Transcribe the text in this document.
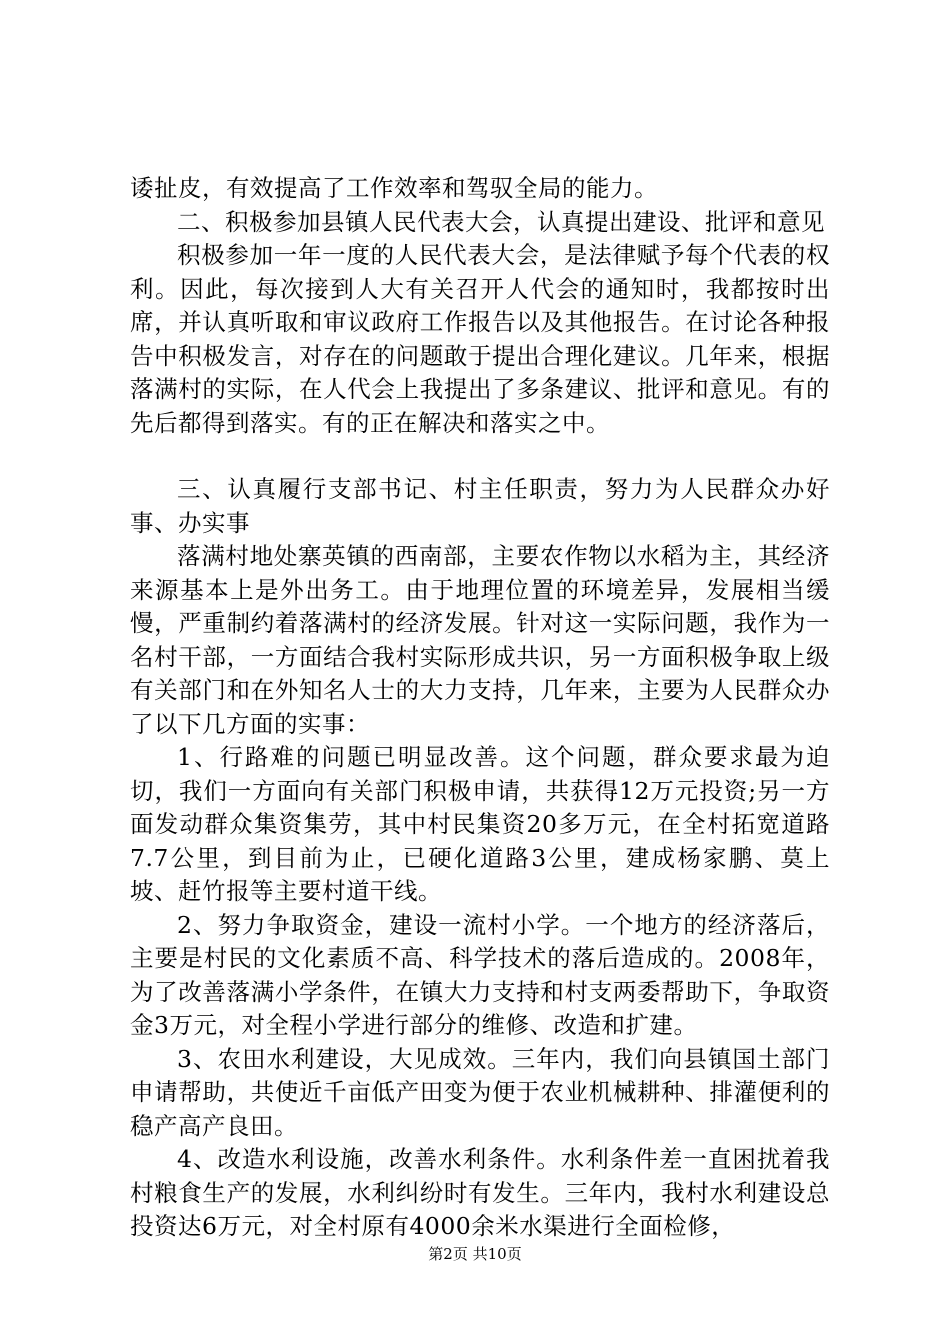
诿扯皮，有效提高了工作效率和驾驭全局的能力。

二、积极参加县镇人民代表大会，认真提出建设、批评和意见

积极参加一年一度的人民代表大会，是法律赋予每个代表的权利。因此，每次接到人大有关召开人代会的通知时，我都按时出席，并认真听取和审议政府工作报告以及其他报告。在讨论各种报告中积极发言，对存在的问题敢于提出合理化建议。几年来，根据落满村的实际，在人代会上我提出了多条建议、批评和意见。有的先后都得到落实。有的正在解决和落实之中。

三、认真履行支部书记、村主任职责，努力为人民群众办好事、办实事

落满村地处寨英镇的西南部，主要农作物以水稻为主，其经济来源基本上是外出务工。由于地理位置的环境差异，发展相当缓慢，严重制约着落满村的经济发展。针对这一实际问题，我作为一名村干部，一方面结合我村实际形成共识，另一方面积极争取上级有关部门和在外知名人士的大力支持，几年来，主要为人民群众办了以下几方面的实事：

1、行路难的问题已明显改善。这个问题，群众要求最为迫切，我们一方面向有关部门积极申请，共获得12万元投资;另一方面发动群众集资集劳，其中村民集资20多万元，在全村拓宽道路7.7公里，到目前为止，已硬化道路3公里，建成杨家鹏、莫上坡、赶竹报等主要村道干线。

2、努力争取资金，建设一流村小学。一个地方的经济落后，主要是村民的文化素质不高、科学技术的落后造成的。2008年，为了改善落满小学条件，在镇大力支持和村支两委帮助下，争取资金3万元，对全程小学进行部分的维修、改造和扩建。

3、农田水利建设，大见成效。三年内，我们向县镇国土部门申请帮助，共使近千亩低产田变为便于农业机械耕种、排灌便利的稳产高产良田。

4、改造水利设施，改善水利条件。水利条件差一直困扰着我村粮食生产的发展，水利纠纷时有发生。三年内，我村水利建设总投资达6万元，对全村原有4000余米水渠进行全面检修，

第2页 共10页
